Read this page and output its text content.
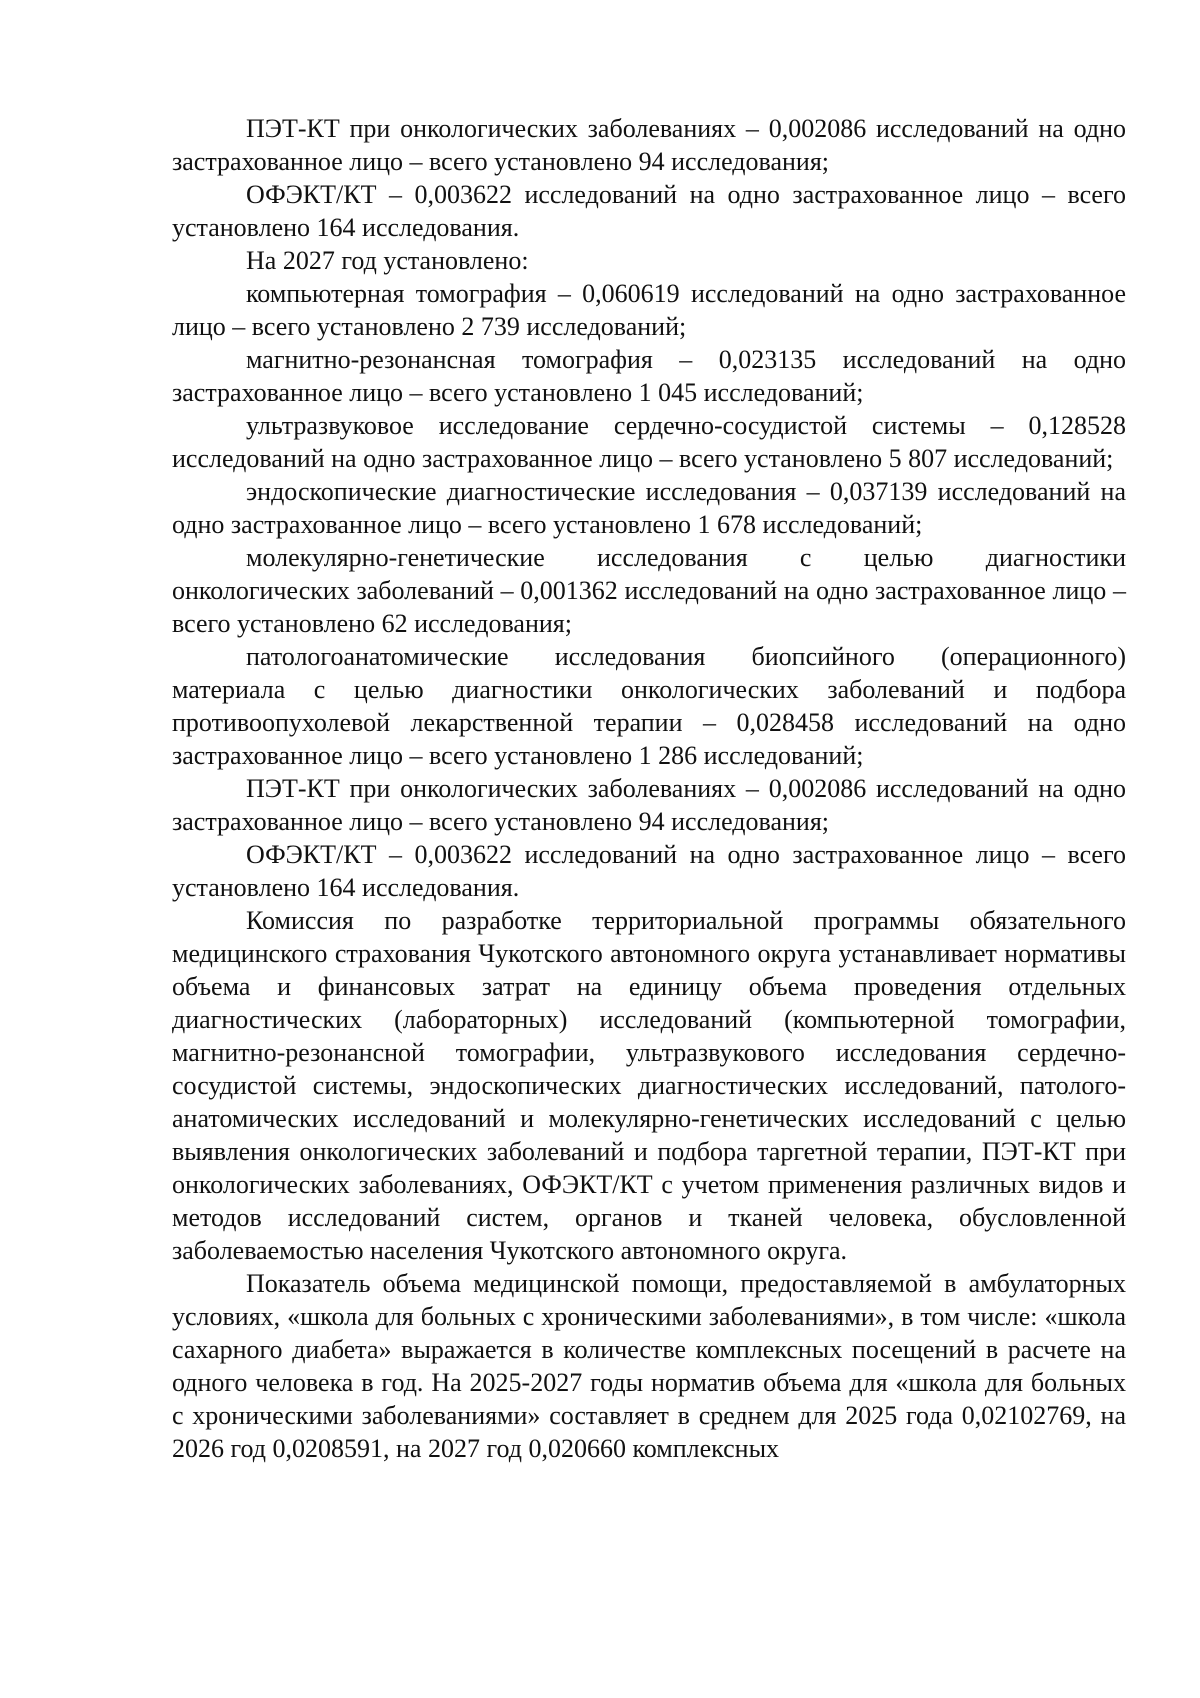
ПЭТ-КТ при онкологических заболеваниях – 0,002086 исследований на одно застрахованное лицо – всего установлено 94 исследования;

ОФЭКТ/КТ – 0,003622 исследований на одно застрахованное лицо – всего установлено 164 исследования.

На 2027 год установлено:

компьютерная томография – 0,060619 исследований на одно застрахованное лицо – всего установлено 2 739 исследований;

магнитно-резонансная томография – 0,023135 исследований на одно застрахованное лицо – всего установлено 1 045 исследований;

ультразвуковое исследование сердечно-сосудистой системы – 0,128528 исследований на одно застрахованное лицо – всего установлено 5 807 исследований;

эндоскопические диагностические исследования – 0,037139 исследований на одно застрахованное лицо – всего установлено 1 678 исследований;

молекулярно-генетические исследования с целью диагностики онкологических заболеваний – 0,001362 исследований на одно застрахованное лицо – всего установлено 62 исследования;

патологоанатомические исследования биопсийного (операционного) материала с целью диагностики онкологических заболеваний и подбора противоопухолевой лекарственной терапии – 0,028458 исследований на одно застрахованное лицо – всего установлено 1 286 исследований;

ПЭТ-КТ при онкологических заболеваниях – 0,002086 исследований на одно застрахованное лицо – всего установлено 94 исследования;

ОФЭКТ/КТ – 0,003622 исследований на одно застрахованное лицо – всего установлено 164 исследования.

Комиссия по разработке территориальной программы обязательного медицинского страхования Чукотского автономного округа устанавливает нормативы объема и финансовых затрат на единицу объема проведения отдельных диагностических (лабораторных) исследований (компьютерной томографии, магнитно-резонансной томографии, ультразвукового исследования сердечно-сосудистой системы, эндоскопических диагностических исследований, патолого-анатомических исследований и молекулярно-генетических исследований с целью выявления онкологических заболеваний и подбора таргетной терапии, ПЭТ-КТ при онкологических заболеваниях, ОФЭКТ/КТ с учетом применения различных видов и методов исследований систем, органов и тканей человека, обусловленной заболеваемостью населения Чукотского автономного округа.

Показатель объема медицинской помощи, предоставляемой в амбулаторных условиях, «школа для больных с хроническими заболеваниями», в том числе: «школа сахарного диабета» выражается в количестве комплексных посещений в расчете на одного человека в год. На 2025-2027 годы норматив объема для «школа для больных с хроническими заболеваниями» составляет в среднем для 2025 года 0,02102769, на 2026 год 0,0208591, на 2027 год 0,020660 комплексных
